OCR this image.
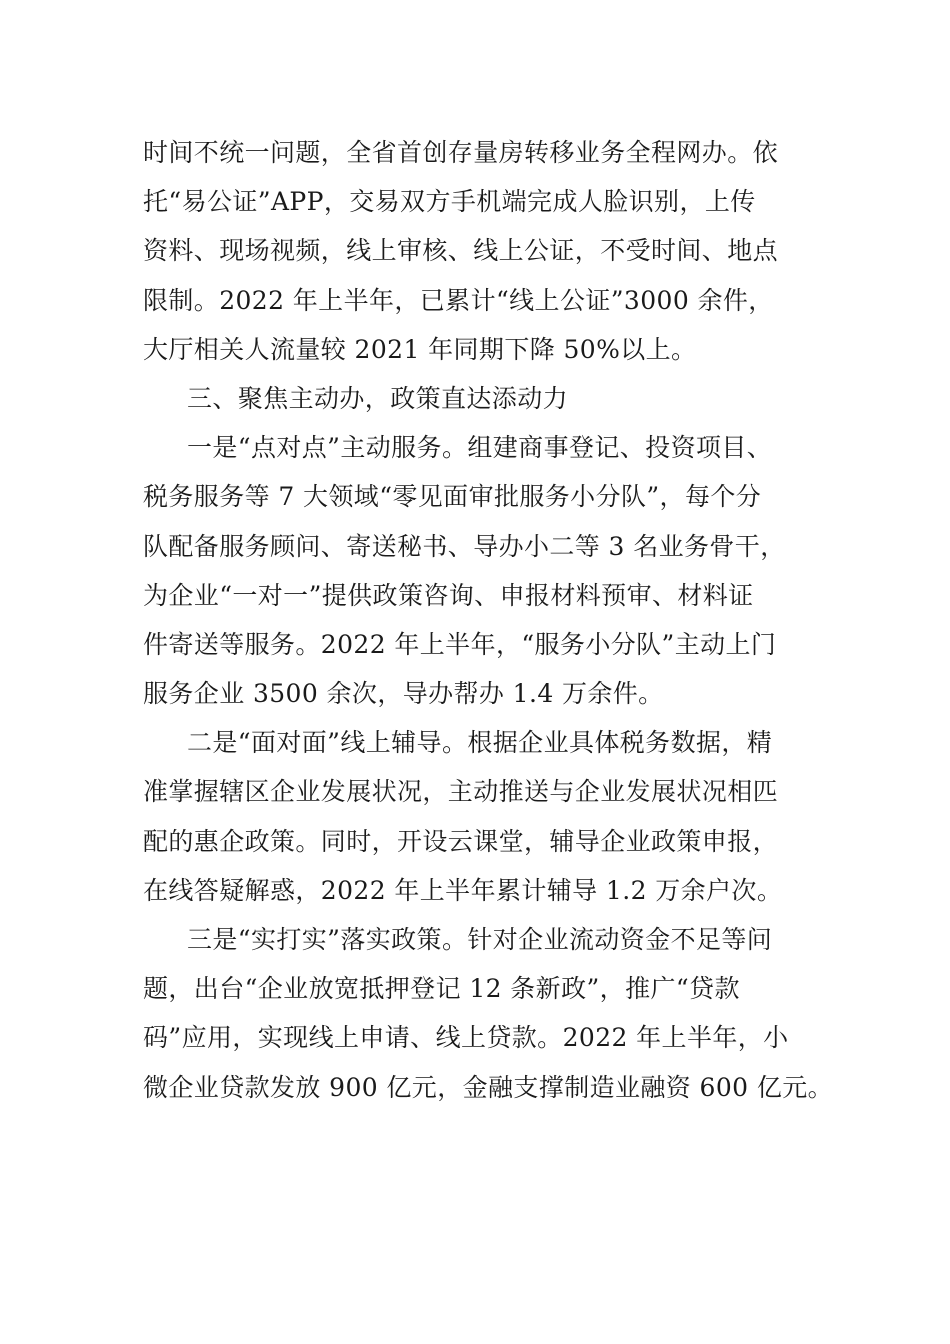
时间不统一问题，全省首创存量房转移业务全程网办。依
托“易公证”APP，交易双方手机端完成人脸识别，上传
资料、现场视频，线上审核、线上公证，不受时间、地点
限制。2022 年上半年，已累计“线上公证”3000 余件，
大厅相关人流量较 2021 年同期下降 50%以上。
三、聚焦主动办，政策直达添动力
一是“点对点”主动服务。组建商事登记、投资项目、
税务服务等 7 大领域“零见面审批服务小分队”，每个分
队配备服务顾问、寄送秘书、导办小二等 3 名业务骨干，
为企业“一对一”提供政策咨询、申报材料预审、材料证
件寄送等服务。2022 年上半年，“服务小分队”主动上门
服务企业 3500 余次，导办帮办 1.4 万余件。
二是“面对面”线上辅导。根据企业具体税务数据，精
准掌握辖区企业发展状况，主动推送与企业发展状况相匹
配的惠企政策。同时，开设云课堂，辅导企业政策申报，
在线答疑解惑，2022 年上半年累计辅导 1.2 万余户次。
三是“实打实”落实政策。针对企业流动资金不足等问
题，出台“企业放宽抵押登记 12 条新政”，推广“贷款
码”应用，实现线上申请、线上贷款。2022 年上半年，小
微企业贷款发放 900 亿元，金融支撑制造业融资 600 亿元。
